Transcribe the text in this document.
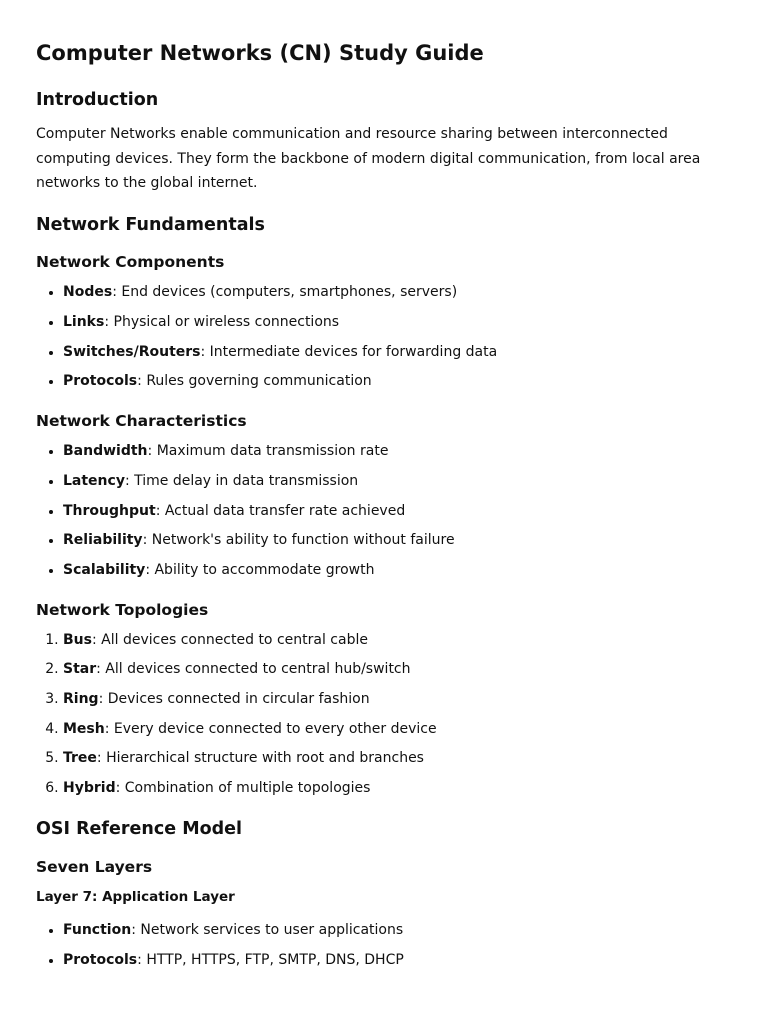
Computer Networks (CN) Study Guide
Introduction

Computer Networks enable communication and resource sharing between interconnected computing devices. They form the backbone of modern digital communication, from local area networks to the global internet.

Network Fundamentals
Network Components
• Nodes: End devices (computers, smartphones, servers)
• Links: Physical or wireless connections
• Switches/Routers: Intermediate devices for forwarding data
• Protocols: Rules governing communication
Network Characteristics
• Bandwidth: Maximum data transmission rate
• Latency: Time delay in data transmission
• Throughput: Actual data transfer rate achieved
• Reliability: Network's ability to function without failure
• Scalability: Ability to accommodate growth
Network Topologies
1. Bus: All devices connected to central cable
2. Star: All devices connected to central hub/switch
3. Ring: Devices connected in circular fashion
4. Mesh: Every device connected to every other device
5. Tree: Hierarchical structure with root and branches
6. Hybrid: Combination of multiple topologies
OSI Reference Model
Seven Layers
Layer 7: Application Layer
• Function: Network services to user applications
• Protocols: HTTP, HTTPS, FTP, SMTP, DNS, DHCP
